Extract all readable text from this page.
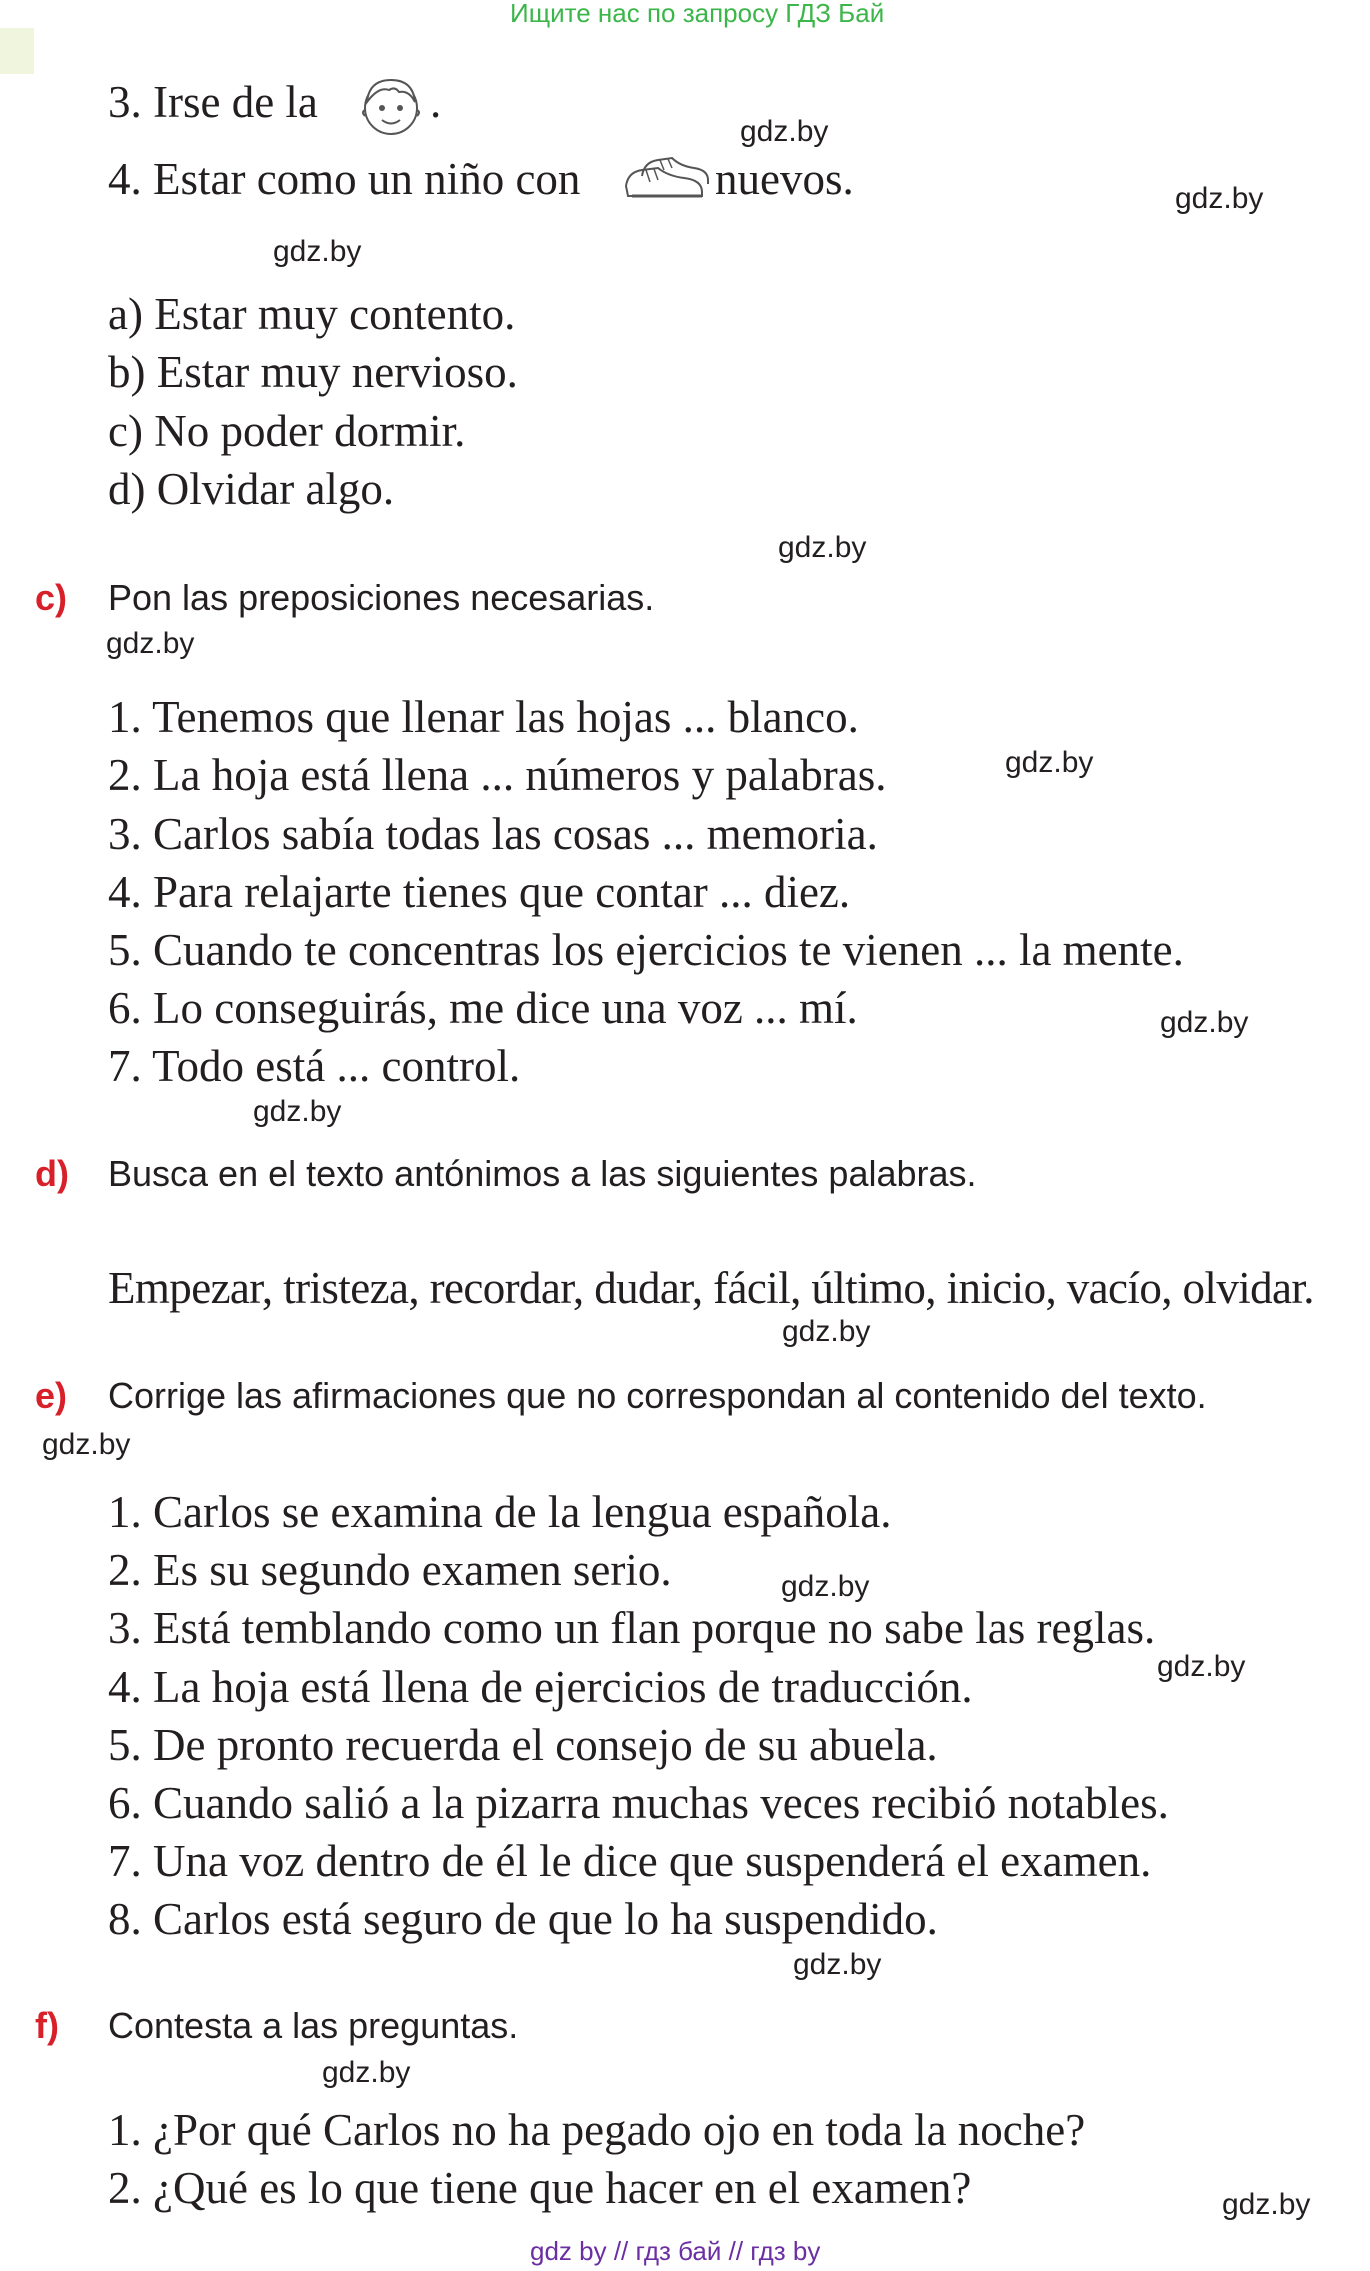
Ищите нас по запросу ГДЗ Бай
3. Irse de la .
4. Estar como un niño con	nuevos.
a) Estar muy contento.
b) Estar muy nervioso.
c) No poder dormir.
d) Olvidar algo.
c) Pon las preposiciones necesarias.
1. Tenemos que llenar las hojas ... blanco.
2. La hoja está llena ... números y palabras.
3. Carlos sabía todas las cosas ... memoria.
4. Para relajarte tienes que contar ... diez.
5. Cuando te concentras los ejercicios te vienen ... la mente.
6. Lo conseguirás, me dice una voz ... mí.
7. Todo está ... control.
d) Busca en el texto antónimos a las siguientes palabras.
Empezar, tristeza, recordar, dudar, fácil, último, inicio, vacío, olvidar.
e) Corrige las afirmaciones que no correspondan al contenido del texto.
1. Carlos se examina de la lengua española.
2. Es su segundo examen serio.
3. Está temblando como un flan porque no sabe las reglas.
4. La hoja está llena de ejercicios de traducción.
5. De pronto recuerda el consejo de su abuela.
6. Cuando salió a la pizarra muchas veces recibió notables.
7. Una voz dentro de él le dice que suspenderá el examen.
8. Carlos está seguro de que lo ha suspendido.
f) Contesta a las preguntas.
1. ¿Por qué Carlos no ha pegado ojo en toda la noche?
2. ¿Qué es lo que tiene que hacer en el examen?
gdz.by
gdz.by
gdz.by
gdz.by
gdz.by
gdz.by
gdz.by
gdz.by
gdz.by
gdz.by
gdz.by
gdz.by
gdz.by
gdz.by
gdz.by
gdz by // гдз бай // гдз by
